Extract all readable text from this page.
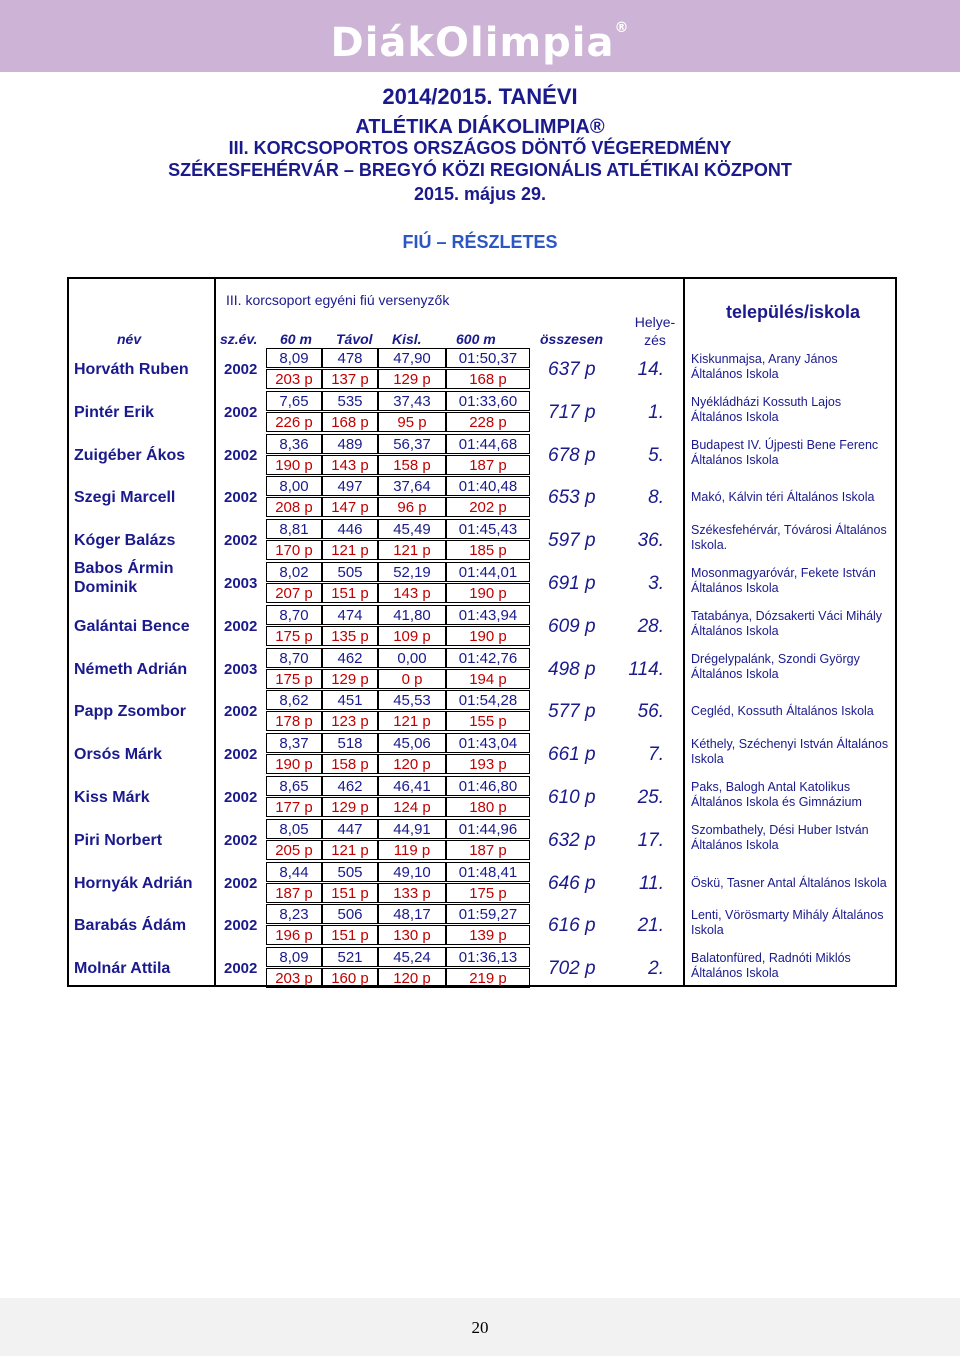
DiákOlimpia®
2014/2015. TANÉVI
ATLÉTIKA DIÁKOLIMPIA®
III. KORCSOPORTOS ORSZÁGOS DÖNTŐ VÉGEREDMÉNY
SZÉKESFEHÉRVÁR – BREGYÓ KÖZI REGIONÁLIS ATLÉTIKAI KÖZPONT
2015. május 29.
FIÚ – RÉSZLETES
III. korcsoport egyéni fiú versenyzők
név	sz.év. 60 m Távol Kisl. 600 m	összesen
Helye-
zés
település/iskola
Horváth Ruben	2002
8,09	478	47,90	01:50,37
203 p	137 p	129 p	168 p	637 p	14. Kiskunmajsa, Arany János Általános Iskola
Pintér Erik	2002
7,65	535	37,43	01:33,60
226 p	168 p	95 p	228 p	717 p	1. Nyékládházi Kossuth Lajos Általános Iskola
Zuigéber Ákos	2002
8,36	489	56,37	01:44,68
190 p	143 p	158 p	187 p	678 p	5. Budapest IV. Újpesti Bene Ferenc Általános Iskola
Szegi Marcell	2002
8,00	497	37,64	01:40,48
208 p	147 p	96 p	202 p	653 p	8. Makó, Kálvin téri Általános Iskola
Kóger Balázs	2002
8,81	446	45,49	01:45,43
170 p	121 p	121 p	185 p	597 p	36. Székesfehérvár, Tóvárosi Általános Iskola.
Babos Ármin Dominik	2003
8,02	505	52,19	01:44,01
207 p	151 p	143 p	190 p	691 p	3. Mosonmagyaróvár, Fekete István Általános Iskola
Galántai Bence	2002
8,70	474	41,80	01:43,94
175 p	135 p	109 p	190 p	609 p	28. Tatabánya, Dózsakerti Váci Mihály Általános Iskola
Németh Adrián	2003
8,70	462	0,00	01:42,76
175 p	129 p	0 p	194 p	498 p	114. Drégelypalánk, Szondi György Általános Iskola
Papp Zsombor	2002
8,62	451	45,53	01:54,28
178 p	123 p	121 p	155 p	577 p	56. Cegléd, Kossuth Általános Iskola
Orsós Márk	2002
8,37	518	45,06	01:43,04
190 p	158 p	120 p	193 p	661 p	7. Kéthely, Széchenyi István Általános Iskola
Kiss Márk	2002
8,65	462	46,41	01:46,80
177 p	129 p	124 p	180 p	610 p	25. Paks, Balogh Antal Katolikus Általános Iskola és Gimnázium
Piri Norbert	2002
8,05	447	44,91	01:44,96
205 p	121 p	119 p	187 p	632 p	17. Szombathely, Dési Huber István Általános Iskola
Hornyák Adrián	2002
8,44	505	49,10	01:48,41
187 p	151 p	133 p	175 p	646 p	11. Öskü, Tasner Antal Általános Iskola
Barabás Ádám	2002
8,23	506	48,17	01:59,27
196 p	151 p	130 p	139 p	616 p	21. Lenti, Vörösmarty Mihály Általános Iskola
Molnár Attila	2002
8,09	521	45,24	01:36,13
203 p	160 p	120 p	219 p	702 p	2. Balatonfüred, Radnóti Miklós Általános Iskola
20
